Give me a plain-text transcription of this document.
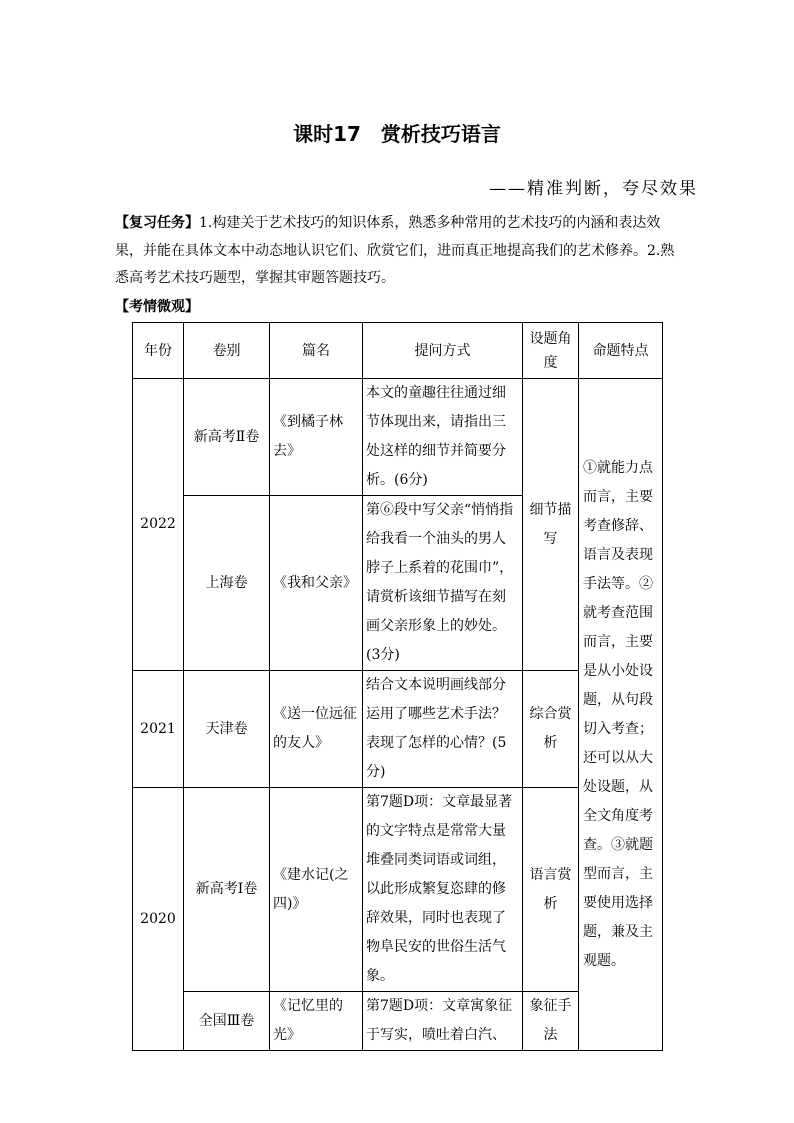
课时17　赏析技巧语言
——精准判断，夸尽效果
【复习任务】1.构建关于艺术技巧的知识体系，熟悉多种常用的艺术技巧的内涵和表达效果，并能在具体文本中动态地认识它们、欣赏它们，进而真正地提高我们的艺术修养。2.熟悉高考艺术技巧题型，掌握其审题答题技巧。
【考情微观】
年份	卷别	篇名	提问方式	设题角度	命题特点
2022	新高考Ⅱ卷	《到橘子林去》	本文的童趣往往通过细节体现出来，请指出三处这样的细节并简要分析。(6分)	细节描写	①就能力点而言，主要考查修辞、语言及表现手法等。②就考查范围而言，主要是从小处设题，从句段切入考查；还可以从大处设题，从全文角度考查。③就题型而言，主要使用选择题，兼及主观题。
	上海卷	《我和父亲》	第⑥段中写父亲“悄悄指给我看一个油头的男人脖子上系着的花围巾”，请赏析该细节描写在刻画父亲形象上的妙处。(3分)		
2021	天津卷	《送一位远征的友人》	结合文本说明画线部分运用了哪些艺术手法？表现了怎样的心情？(5分)	综合赏析	
2020	新高考Ⅰ卷	《建水记(之四)》	第7题D项：文章最显著的文字特点是常常大量堆叠同类词语或词组，以此形成繁复恣肆的修辞效果，同时也表现了物阜民安的世俗生活气象。	语言赏析	
	全国Ⅲ卷	《记忆里的光》	第7题D项：文章寓象征于写实，喷吐着白汽、	象征手法	
